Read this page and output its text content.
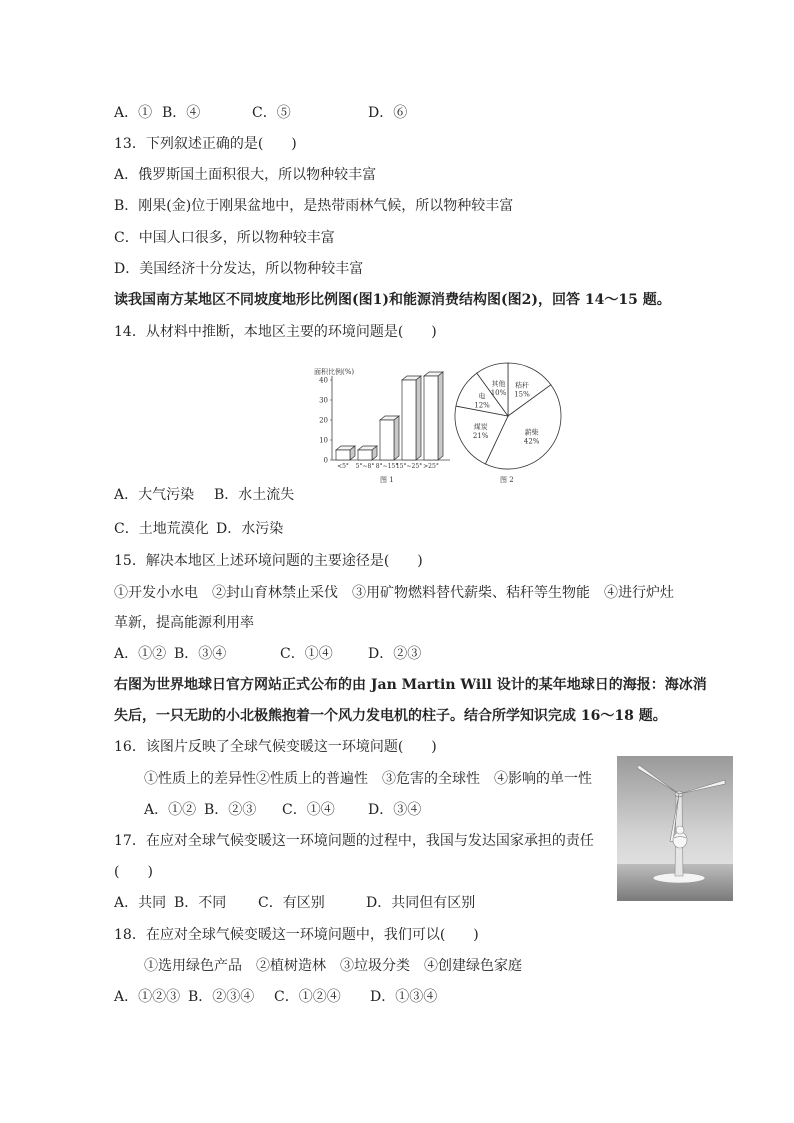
A．① B．④	C．⑤	D．⑥
13．下列叙述正确的是(　　)
A．俄罗斯国土面积很大，所以物种较丰富
B．刚果(金)位于刚果盆地中，是热带雨林气候，所以物种较丰富
C．中国人口很多，所以物种较丰富
D．美国经济十分发达，所以物种较丰富
读我国南方某地区不同坡度地形比例图(图1)和能源消费结构图(图2)，回答 14～15 题。
14．从材料中推断，本地区主要的环境问题是(　　)
面积比例(%)
图 1
0
10
20
30
40
<5° 5°~8° 8°~15°
15°~25° >25°
图 2
秸秆
15%
薪柴
42%
煤炭
21%
电
12%
其他
10%
A．大气污染 B．水土流失
C．土地荒漠化 D．水污染
15．解决本地区上述环境问题的主要途径是(　　)
①开发小水电　②封山育林禁止采伐　③用矿物燃料替代薪柴、秸秆等生物能　④进行炉灶
革新，提高能源利用率
A．①② B．③④	C．①④	D．②③
右图为世界地球日官方网站正式公布的由 Jan Martin Will 设计的某年地球日的海报：海冰消
失后，一只无助的小北极熊抱着一个风力发电机的柱子。结合所学知识完成 16～18 题。
16．该图片反映了全球气候变暖这一环境问题(　　)
①性质上的差异性②性质上的普遍性　③危害的全球性　④影响的单一性
A．①② B．②③ C．①④ D．③④
17．在应对全球气候变暖这一环境问题的过程中，我国与发达国家承担的责任
(　　)
A．共同 B．不同 C．有区别	D．共同但有区别
18．在应对全球气候变暖这一环境问题中，我们可以(　　)
①选用绿色产品　②植树造林　③垃圾分类　④创建绿色家庭
A．①②③ B．②③④ C．①②④ D．①③④
